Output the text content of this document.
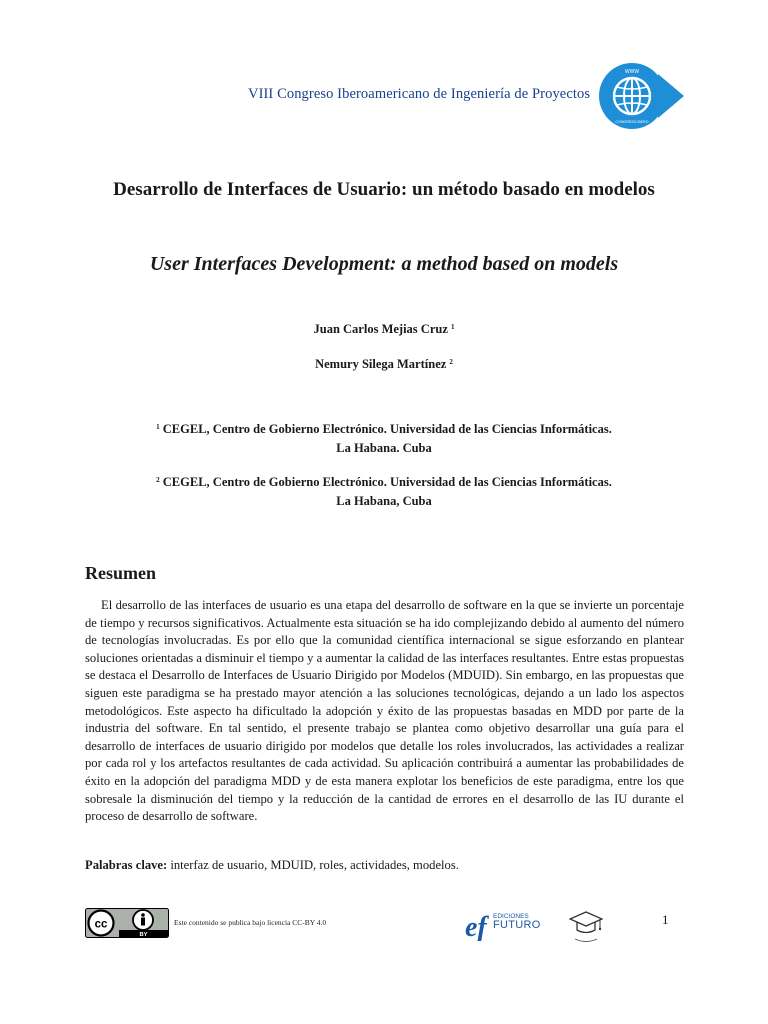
VIII Congreso Iberoamericano de Ingeniería de Proyectos
WWW
CONGRESO IBERO
Desarrollo de Interfaces de Usuario: un método basado en modelos
User Interfaces Development: a method based on models
Juan Carlos Mejias Cruz $^1$
Nemury Silega Martínez $^2$
$^1$ CEGEL, Centro de Gobierno Electrónico. Universidad de las Ciencias Informáticas.
La Habana. Cuba
$^2$ CEGEL, Centro de Gobierno Electrónico. Universidad de las Ciencias Informáticas.
La Habana, Cuba
Resumen

El desarrollo de las interfaces de usuario es una etapa del desarrollo de software en la que se invierte un porcentaje de tiempo y recursos significativos. Actualmente esta situación se ha ido complejizando debido al aumento del número de tecnologías involucradas. Es por ello que la comunidad científica internacional se sigue esforzando en plantear soluciones orientadas a disminuir el tiempo y a aumentar la calidad de las interfaces resultantes. Entre estas propuestas se destaca el Desarrollo de Interfaces de Usuario Dirigido por Modelos (MDUID). Sin embargo, en las propuestas que siguen este paradigma se ha prestado mayor atención a las soluciones tecnológicas, dejando a un lado los aspectos metodológicos. Este aspecto ha dificultado la adopción y éxito de las propuestas basadas en MDD por parte de la industria del software. En tal sentido, el presente trabajo se plantea como objetivo desarrollar una guía para el desarrollo de interfaces de usuario dirigido por modelos que detalle los roles involucrados, las actividades a realizar por cada rol y los artefactos resultantes de cada actividad. Su aplicación contribuirá a aumentar las probabilidades de éxito en la adopción del paradigma MDD y de esta manera explotar los beneficios de este paradigma, entre los que sobresale la disminución del tiempo y la reducción de la cantidad de errores en el desarrollo de las IU durante el proceso de desarrollo de software.

Palabras clave: interfaz de usuario, MDUID, roles, actividades, modelos.
cc
BY
Este contenido se publica bajo licencia CC-BY 4.0	ef EDICIONES
FUTURO	1
